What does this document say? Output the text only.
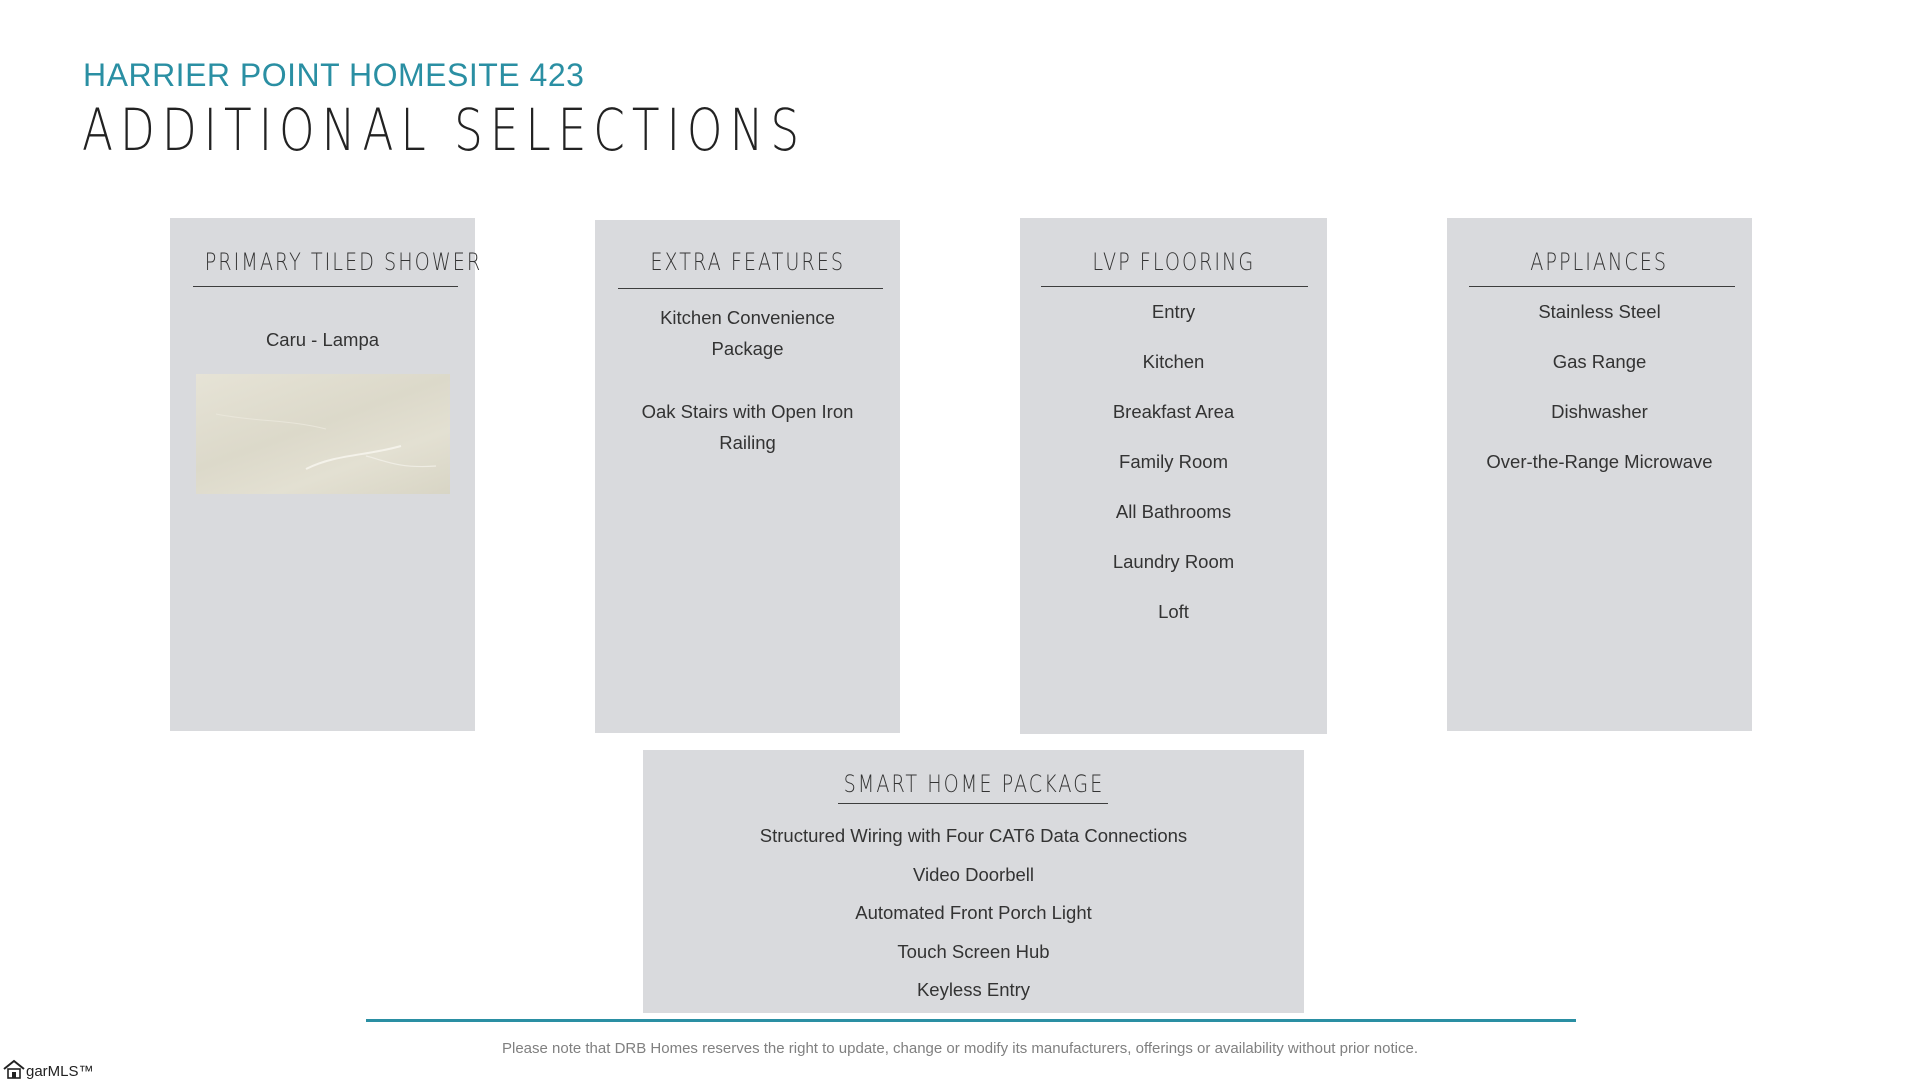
HARRIER POINT HOMESITE 423
ADDITIONAL SELECTIONS
PRIMARY TILED SHOWER
Caru - Lampa
EXTRA FEATURES
Kitchen Convenience Package
Oak Stairs with Open Iron Railing
LVP FLOORING
Entry
Kitchen
Breakfast Area
Family Room
All Bathrooms
Laundry Room
Loft
APPLIANCES
Stainless Steel
Gas Range
Dishwasher
Over-the-Range Microwave
SMART HOME PACKAGE
Structured Wiring with Four CAT6 Data Connections
Video Doorbell
Automated Front Porch Light
Touch Screen Hub
Keyless Entry
Please note that DRB Homes reserves the right to update, change or modify its manufacturers, offerings or availability without prior notice.
garMLS™
